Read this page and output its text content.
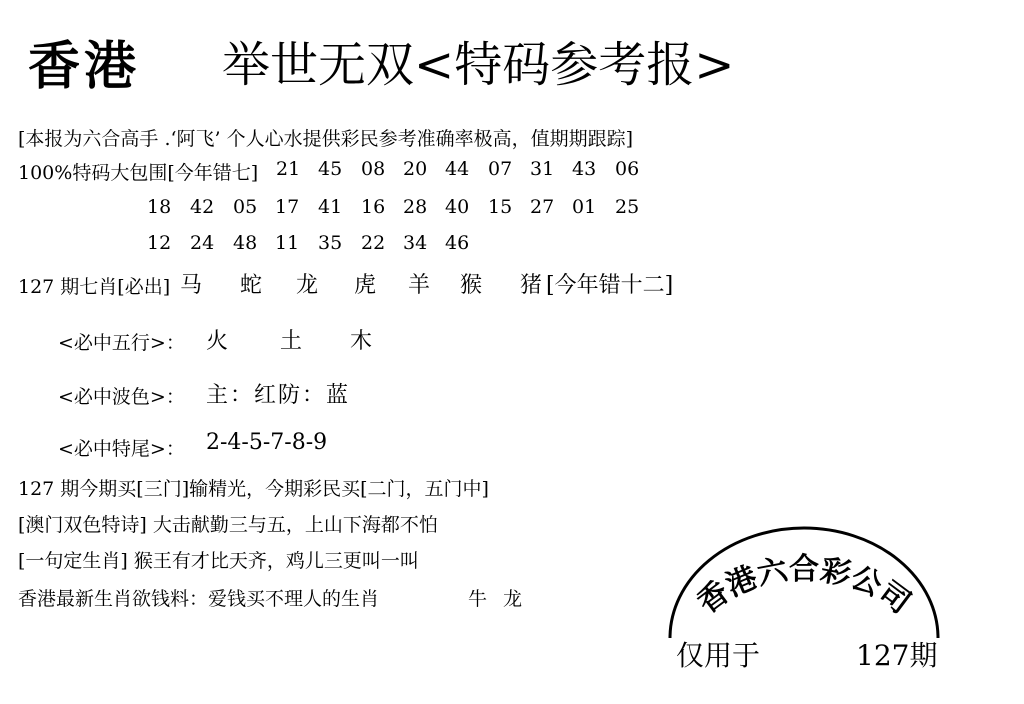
香港 举世无双<特码参考报>
[本报为六合高手 .‘阿飞’ 个人心水提供彩民参考准确率极高，值期期跟踪]
100%特码大包围[今年错七] 21 45 08 20 44 07 31 43 06
18 42 05 17 41 16 28 40 15 27 01 25
12 24 48 11 35 22 34 46
127 期七肖[必出] 马 蛇 龙 虎 羊 猴 猪 [今年错十二]
<必中五行>： 火 土 木
<必中波色>： 主：红防：蓝
<必中特尾>： 2-4-5-7-8-9
127 期今期买[三门]输精光，今期彩民买[二门，五门中]
[澳门双色特诗] 大击献勤三与五，上山下海都不怕
[一句定生肖] 猴王有才比天齐，鸡儿三更叫一叫
香港最新生肖欲钱料：爱钱买不理人的生肖	牛 龙	香港六合彩公司
仅用于	127期
